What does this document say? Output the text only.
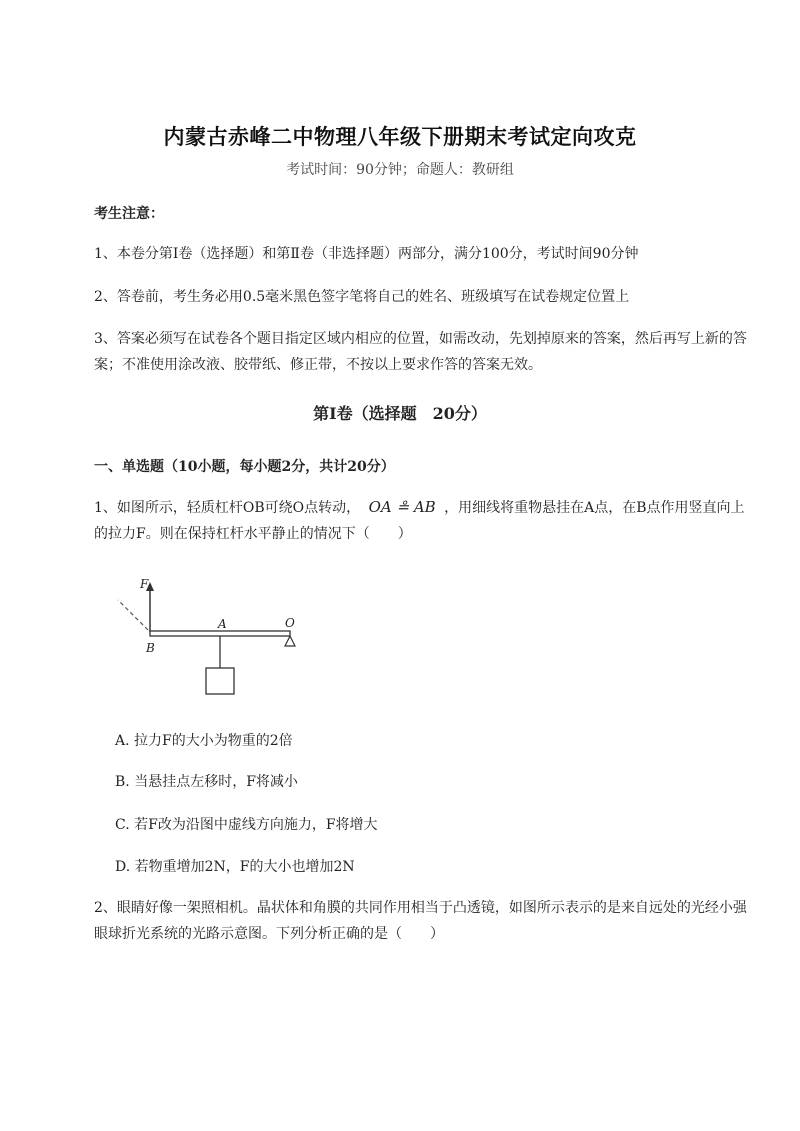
内蒙古赤峰二中物理八年级下册期末考试定向攻克
考试时间：90分钟；命题人：教研组
考生注意：
1、本卷分第I卷（选择题）和第Ⅱ卷（非选择题）两部分，满分100分，考试时间90分钟
2、答卷前，考生务必用0.5毫米黑色签字笔将自己的姓名、班级填写在试卷规定位置上
3、答案必须写在试卷各个题目指定区域内相应的位置，如需改动，先划掉原来的答案，然后再写上新的答案；不准使用涂改液、胶带纸、修正带，不按以上要求作答的答案无效。
第I卷（选择题　20分）
一、单选题（10小题，每小题2分，共计20分）
1、如图所示，轻质杠杆OB可绕O点转动， OA ≗ AB ，用细线将重物悬挂在A点，在B点作用竖直向上的拉力F。则在保持杠杆水平静止的情况下（　　）
F
A	O
B
A. 拉力F的大小为物重的2倍
B. 当悬挂点左移时，F将减小
C. 若F改为沿图中虚线方向施力，F将增大
D. 若物重增加2N，F的大小也增加2N
2、眼睛好像一架照相机。晶状体和角膜的共同作用相当于凸透镜，如图所示表示的是来自远处的光经小强眼球折光系统的光路示意图。下列分析正确的是（　　）
